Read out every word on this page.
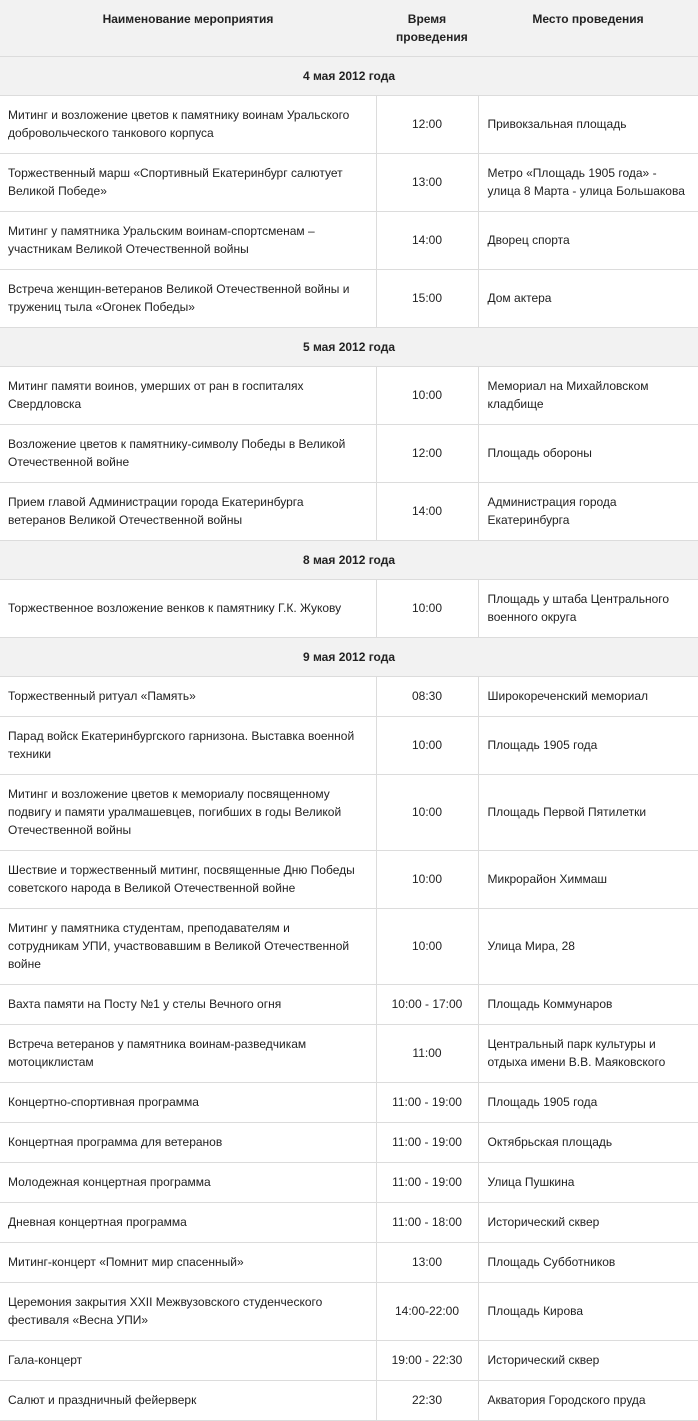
Наименование мероприятия	Время проведения	Место проведения
4 мая 2012 года		
Митинг и возложение цветов к памятнику воинам Уральского добровольческого танкового корпуса	12:00	Привокзальная площадь
Торжественный марш «Спортивный Екатеринбург салютует Великой Победе»	13:00	Метро «Площадь 1905 года» - улица 8 Марта - улица Большакова
Митинг у памятника Уральским воинам-спортсменам – участникам Великой Отечественной войны	14:00	Дворец спорта
Встреча женщин-ветеранов Великой Отечественной войны и тружениц тыла «Огонек Победы»	15:00	Дом актера
5 мая 2012 года		
Митинг памяти воинов, умерших от ран в госпиталях Свердловска	10:00	Мемориал на Михайловском кладбище
Возложение цветов к памятнику-символу Победы в Великой Отечественной войне	12:00	Площадь обороны
Прием главой Администрации города Екатеринбурга ветеранов Великой Отечественной войны	14:00	Администрация города Екатеринбурга
8 мая 2012 года		
Торжественное возложение венков к памятнику Г.К. Жукову	10:00	Площадь у штаба Центрального военного округа
9 мая 2012 года		
Торжественный ритуал «Память»	08:30	Широкореченский мемориал
Парад войск Екатеринбургского гарнизона. Выставка военной техники	10:00	Площадь 1905 года
Митинг и возложение цветов к мемориалу посвященному подвигу и памяти уралмашевцев, погибших в годы Великой Отечественной войны	10:00	Площадь Первой Пятилетки
Шествие и торжественный митинг, посвященные Дню Победы советского народа в Великой Отечественной войне	10:00	Микрорайон Химмаш
Митинг у памятника студентам, преподавателям и сотрудникам УПИ, участвовавшим в Великой Отечественной войне	10:00	Улица Мира, 28
Вахта памяти на Посту №1 у стелы Вечного огня	10:00 - 17:00	Площадь Коммунаров
Встреча ветеранов у памятника воинам-разведчикам мотоциклистам	11:00	Центральный парк культуры и отдыха имени В.В. Маяковского
Концертно-спортивная программа	11:00 - 19:00	Площадь 1905 года
Концертная программа для ветеранов	11:00 - 19:00	Октябрьская площадь
Молодежная концертная программа	11:00 - 19:00	Улица Пушкина
Дневная концертная программа	11:00 - 18:00	Исторический сквер
Митинг-концерт «Помнит мир спасенный»	13:00	Площадь Субботников
Церемония закрытия XXII Межвузовского студенческого фестиваля «Весна УПИ»	14:00-22:00	Площадь Кирова
Гала-концерт	19:00 - 22:30	Исторический сквер
Салют и праздничный фейерверк	22:30	Акватория Городского пруда
